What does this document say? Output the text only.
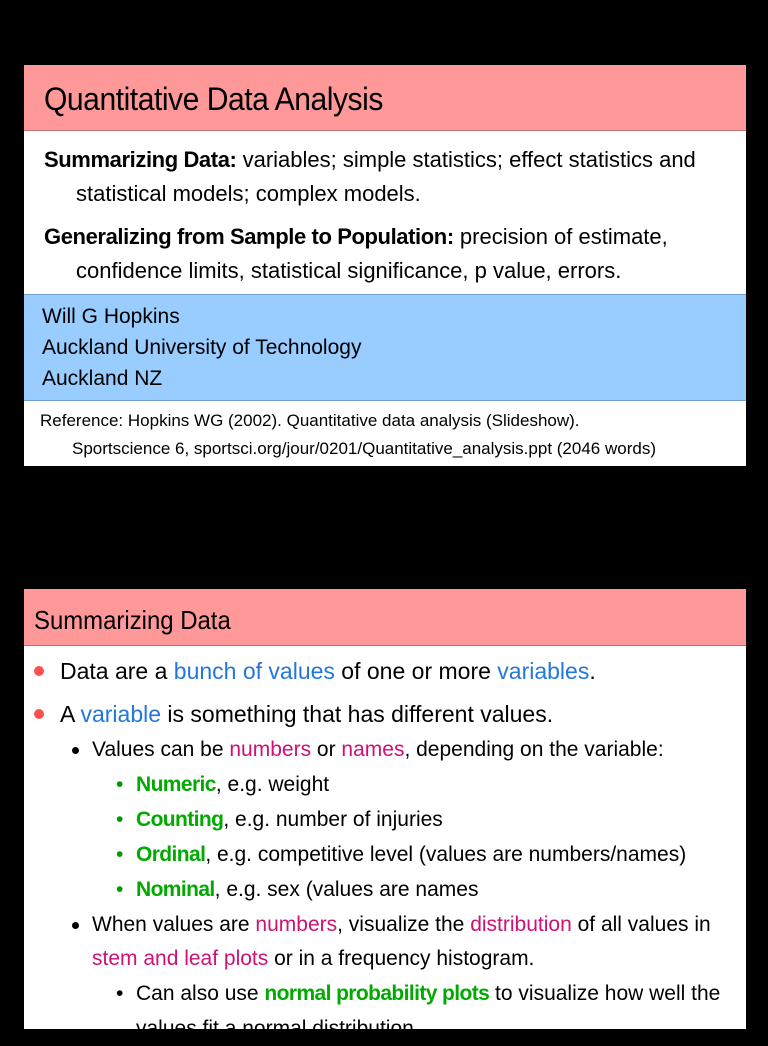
Quantitative Data Analysis

Summarizing Data: variables; simple statistics; effect statistics and statistical models; complex models.

Generalizing from Sample to Population: precision of estimate, confidence limits, statistical significance, p value, errors.

Will G Hopkins
Auckland University of Technology
Auckland NZ
Reference: Hopkins WG (2002). Quantitative data analysis (Slideshow).
Sportscience 6, sportsci.org/jour/0201/Quantitative_analysis.ppt (2046 words)
Summarizing Data
Data are a bunch of values of one or more variables.
A variable is something that has different values.
Values can be numbers or names, depending on the variable:
• Numeric, e.g. weight
• Counting, e.g. number of injuries
• Ordinal, e.g. competitive level (values are numbers/names)
• Nominal, e.g. sex (values are names
When values are numbers, visualize the distribution of all values in stem and leaf plots or in a frequency histogram.
• Can also use normal probability plots to visualize how well the values fit a normal distribution.
